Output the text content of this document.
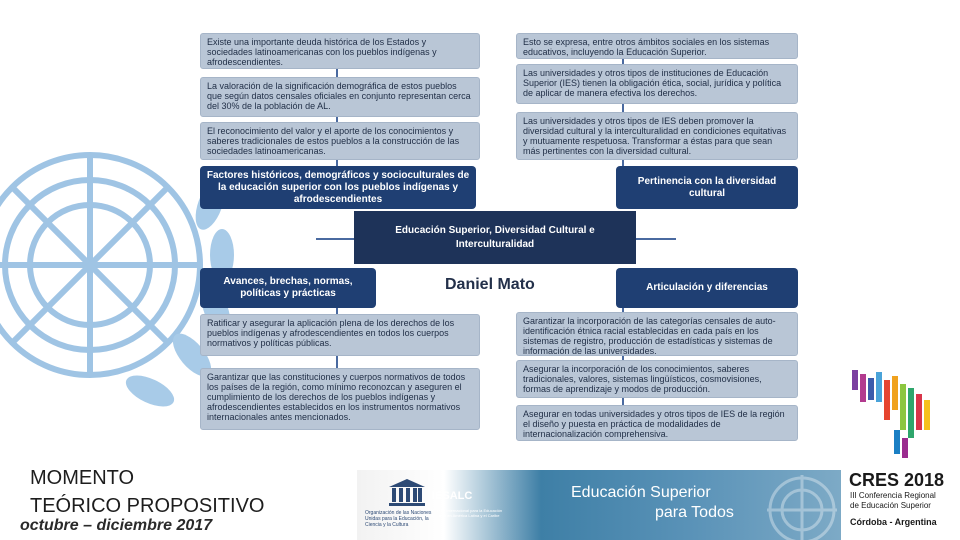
Existe una importante deuda histórica de los Estados y sociedades latinoamericanas con los pueblos indígenas y afrodescendientes.
La valoración de la significación demográfica de estos pueblos que según datos censales oficiales en conjunto representan cerca del 30% de la población de AL.
El reconocimiento del valor y el aporte de los conocimientos y saberes tradicionales de estos pueblos a la construcción de las sociedades latinoamericanas.
Esto se expresa, entre otros ámbitos sociales en los sistemas educativos, incluyendo la Educación Superior.
Las universidades y otros tipos de instituciones de Educación Superior (IES) tienen la obligación ética, social, jurídica y política de aplicar de manera efectiva los derechos.
Las universidades y otros tipos de IES deben promover la diversidad cultural y la interculturalidad en condiciones equitativas y mutuamente respetuosa. Transformar a éstas para que sean más pertinentes con la diversidad cultural.
Factores históricos, demográficos y socioculturales de la educación superior con los pueblos indígenas y afrodescendientes
Pertinencia con la diversidad cultural
Avances, brechas, normas, políticas y prácticas
Articulación y diferencias
Educación Superior, Diversidad Cultural e Interculturalidad
Daniel Mato
Ratificar y asegurar la aplicación plena de los derechos de los pueblos indígenas y afrodescendientes en todos los cuerpos normativos y políticas públicas.
Garantizar que las constituciones y cuerpos normativos de todos los países de la región, como mínimo reconozcan y aseguren el cumplimiento de los derechos de los pueblos indígenas y afrodescendientes establecidos en los instrumentos normativos internacionales antes mencionados.
Garantizar la incorporación de las categorías censales de auto-identificación étnica racial establecidas en cada país en los sistemas de registro, producción de estadísticas y sistemas de información de las universidades.
Asegurar la incorporación de los conocimientos, saberes tradicionales, valores, sistemas lingüísticos, cosmovisiones, formas de aprendizaje y modos de producción.
Asegurar en todas universidades y otros tipos de IES de la región el diseño y puesta en práctica de modalidades de internacionalización comprehensiva.
MOMENTO
TEÓRICO PROPOSITIVO
octubre – diciembre 2017
Organización de las Naciones Unidas para la Educación, la Ciencia y la Cultura
IESALC
Instituto Internacional para la Educación Superior en América Latina y el Caribe
Educación Superior
para Todos
CRES 2018
III Conferencia Regional
de Educación Superior
Córdoba - Argentina
